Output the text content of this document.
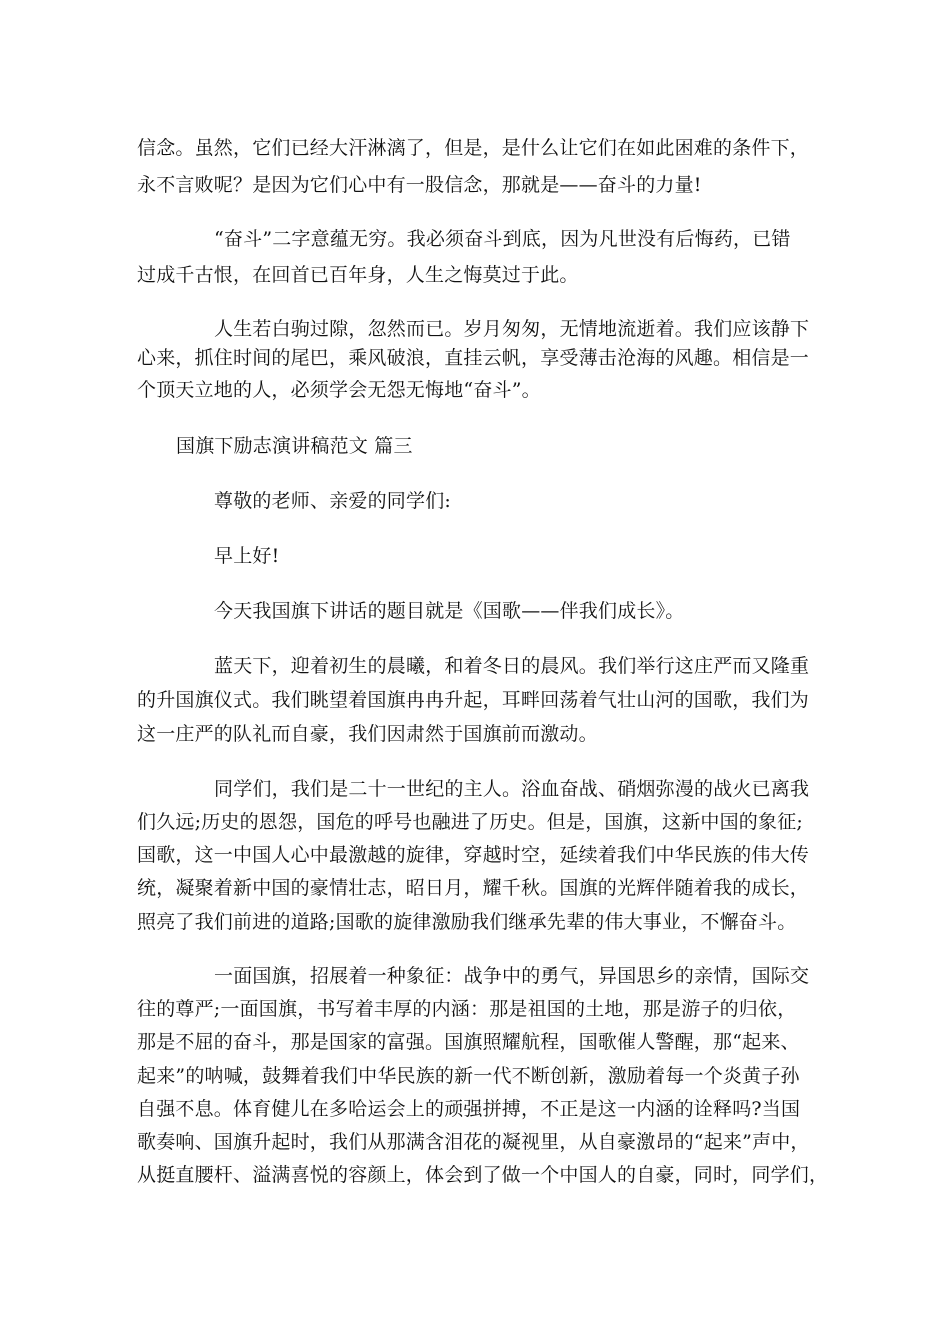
信念。虽然，它们已经大汗淋漓了，但是，是什么让它们在如此困难的条件下，
永不言败呢？是因为它们心中有一股信念，那就是——奋斗的力量!
“奋斗”二字意蕴无穷。我必须奋斗到底，因为凡世没有后悔药，已错
过成千古恨，在回首已百年身，人生之悔莫过于此。
人生若白驹过隙，忽然而已。岁月匆匆，无情地流逝着。我们应该静下
心来，抓住时间的尾巴，乘风破浪，直挂云帆，享受薄击沧海的风趣。相信是一
个顶天立地的人，必须学会无怨无悔地“奋斗”。
国旗下励志演讲稿范文 篇三
尊敬的老师、亲爱的同学们:
早上好!
今天我国旗下讲话的题目就是《国歌——伴我们成长》。
蓝天下，迎着初生的晨曦，和着冬日的晨风。我们举行这庄严而又隆重
的升国旗仪式。我们眺望着国旗冉冉升起，耳畔回荡着气壮山河的国歌，我们为
这一庄严的队礼而自豪，我们因肃然于国旗前而激动。
同学们，我们是二十一世纪的主人。浴血奋战、硝烟弥漫的战火已离我
们久远;历史的恩怨，国危的呼号也融进了历史。但是，国旗，这新中国的象征;
国歌，这一中国人心中最激越的旋律，穿越时空，延续着我们中华民族的伟大传
统，凝聚着新中国的豪情壮志，昭日月，耀千秋。国旗的光辉伴随着我的成长，
照亮了我们前进的道路;国歌的旋律激励我们继承先辈的伟大事业，不懈奋斗。
一面国旗，招展着一种象征：战争中的勇气，异国思乡的亲情，国际交
往的尊严;一面国旗，书写着丰厚的内涵：那是祖国的土地，那是游子的归依，
那是不屈的奋斗，那是国家的富强。国旗照耀航程，国歌催人警醒，那“起来、
起来”的呐喊，鼓舞着我们中华民族的新一代不断创新，激励着每一个炎黄子孙
自强不息。体育健儿在多哈运会上的顽强拼搏，不正是这一内涵的诠释吗?当国
歌奏响、国旗升起时，我们从那满含泪花的凝视里，从自豪激昂的“起来”声中，
从挺直腰杆、溢满喜悦的容颜上，体会到了做一个中国人的自豪，同时，同学们，
